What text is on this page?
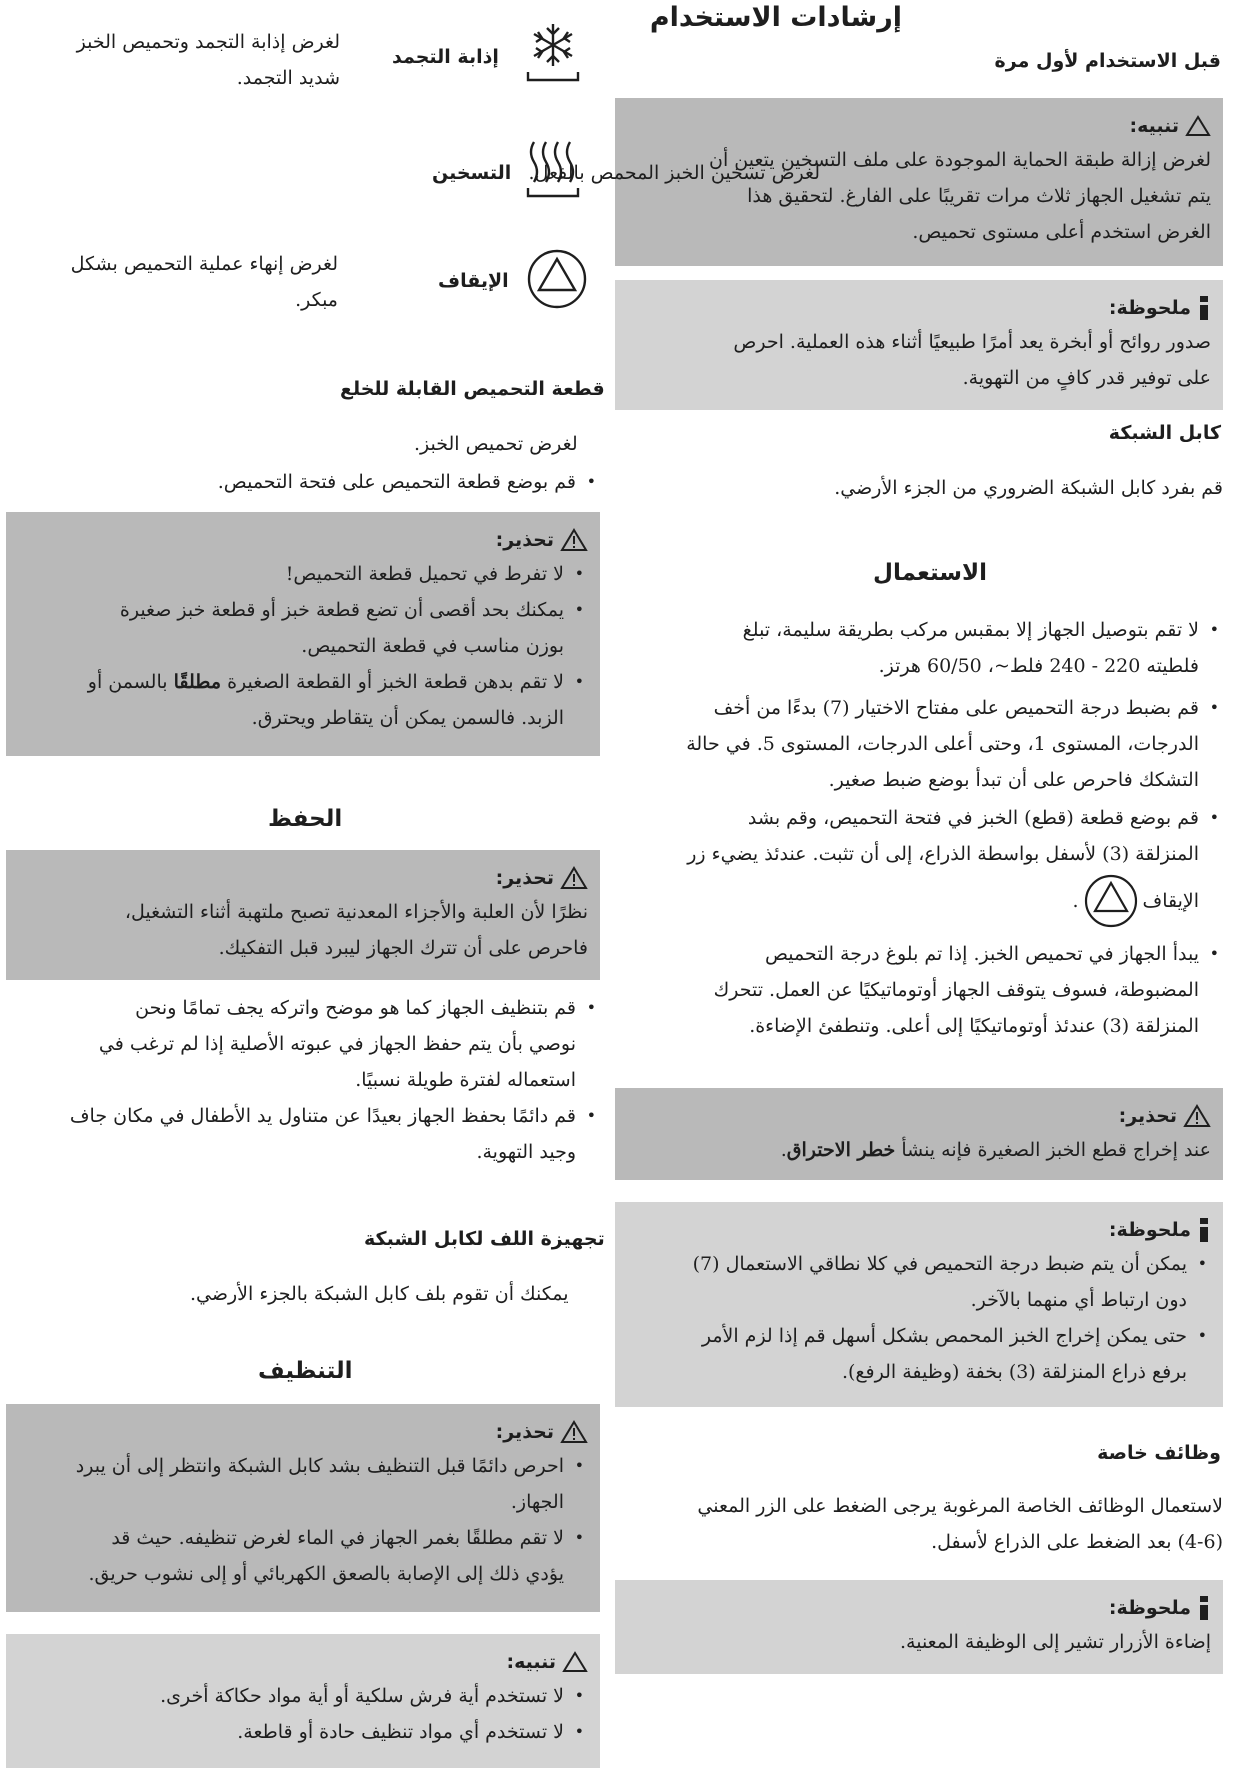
إرشادات الاستخدام
قبل الاستخدام لأول مرة
تنبيه:
لغرض إزالة طبقة الحماية الموجودة على ملف التسخين يتعين أن
يتم تشغيل الجهاز ثلاث مرات تقريبًا على الفارغ. لتحقيق هذا
الغرض استخدم أعلى مستوى تحميص.
ملحوظة:
صدور روائح أو أبخرة يعد أمرًا طبيعيًا أثناء هذه العملية. احرص
على توفير قدر كافٍ من التهوية.
كابل الشبكة
قم بفرد كابل الشبكة الضروري من الجزء الأرضي.
الاستعمال
• لا تقم بتوصيل الجهاز إلا بمقبس مركب بطريقة سليمة، تبلغ
فلطيته 220 - 240 فلط~، 60/50 هرتز.
• قم بضبط درجة التحميص على مفتاح الاختيار (7) بدءًا من أخف
الدرجات، المستوى 1، وحتى أعلى الدرجات، المستوى 5. في حالة
التشكك فاحرص على أن تبدأ بوضع ضبط صغير.
• قم بوضع قطعة (قطع) الخبز في فتحة التحميص، وقم بشد
المنزلقة (3) لأسفل بواسطة الذراع، إلى أن تثبت. عندئذ يضيء زر
الإيقاف
.
• يبدأ الجهاز في تحميص الخبز. إذا تم بلوغ درجة التحميص
المضبوطة، فسوف يتوقف الجهاز أوتوماتيكيًا عن العمل. تتحرك
المنزلقة (3) عندئذ أوتوماتيكيًا إلى أعلى. وتنطفئ الإضاءة.
تحذير:
عند إخراج قطع الخبز الصغيرة فإنه ينشأ خطر الاحتراق.
ملحوظة:
• يمكن أن يتم ضبط درجة التحميص في كلا نطاقي الاستعمال (7)
دون ارتباط أي منهما بالآخر.
• حتى يمكن إخراج الخبز المحمص بشكل أسهل قم إذا لزم الأمر
برفع ذراع المنزلقة (3) بخفة (وظيفة الرفع).
وظائف خاصة
لاستعمال الوظائف الخاصة المرغوبة يرجى الضغط على الزر المعني
(4-6) بعد الضغط على الذراع لأسفل.
ملحوظة:
إضاءة الأزرار تشير إلى الوظيفة المعنية.
إذابة التجمد
لغرض إذابة التجمد وتحميص الخبز
شديد التجمد.
التسخين لغرض تسخين الخبز المحمص بالفعل.
الإيقاف
لغرض إنهاء عملية التحميص بشكل
مبكر.
قطعة التحميص القابلة للخلع
لغرض تحميص الخبز.
• قم بوضع قطعة التحميص على فتحة التحميص.
تحذير:
• لا تفرط في تحميل قطعة التحميص!
• يمكنك بحد أقصى أن تضع قطعة خبز أو قطعة خبز صغيرة
بوزن مناسب في قطعة التحميص.
• لا تقم بدهن قطعة الخبز أو القطعة الصغيرة مطلقًا بالسمن أو
الزبد. فالسمن يمكن أن يتقاطر ويحترق.
الحفظ
تحذير:
نظرًا لأن العلبة والأجزاء المعدنية تصبح ملتهبة أثناء التشغيل،
فاحرص على أن تترك الجهاز ليبرد قبل التفكيك.
• قم بتنظيف الجهاز كما هو موضح واتركه يجف تمامًا ونحن
نوصي بأن يتم حفظ الجهاز في عبوته الأصلية إذا لم ترغب في
استعماله لفترة طويلة نسبيًا.
• قم دائمًا بحفظ الجهاز بعيدًا عن متناول يد الأطفال في مكان جاف
وجيد التهوية.
تجهيزة اللف لكابل الشبكة
يمكنك أن تقوم بلف كابل الشبكة بالجزء الأرضي.
التنظيف
تحذير:
• احرص دائمًا قبل التنظيف بشد كابل الشبكة وانتظر إلى أن يبرد
الجهاز.
• لا تقم مطلقًا بغمر الجهاز في الماء لغرض تنظيفه. حيث قد
يؤدي ذلك إلى الإصابة بالصعق الكهربائي أو إلى نشوب حريق.
تنبيه:
• لا تستخدم أية فرش سلكية أو أية مواد حكاكة أخرى.
• لا تستخدم أي مواد تنظيف حادة أو قاطعة.
